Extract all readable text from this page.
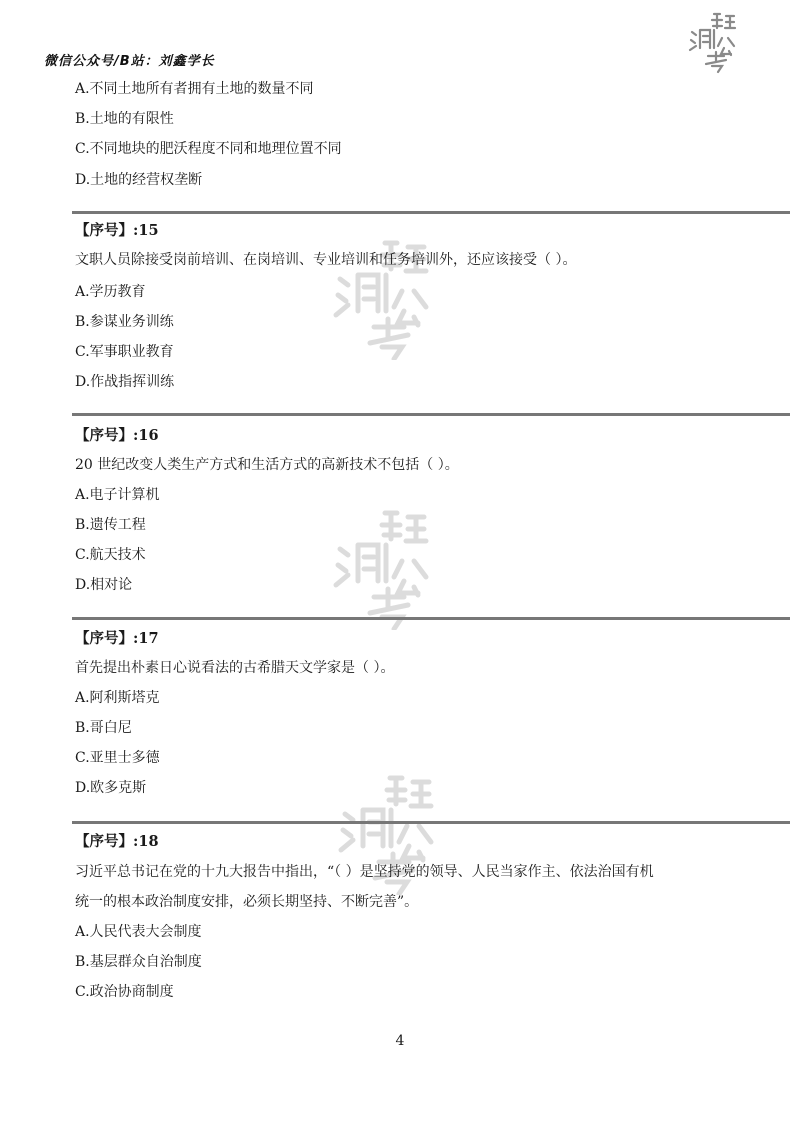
微信公众号/B站：刘鑫学长
A.不同土地所有者拥有土地的数量不同
B.土地的有限性
C.不同地块的肥沃程度不同和地理位置不同
D.土地的经营权垄断
【序号】:15
文职人员除接受岗前培训、在岗培训、专业培训和任务培训外，还应该接受（ ）。
A.学历教育
B.参谋业务训练
C.军事职业教育
D.作战指挥训练
【序号】:16
20 世纪改变人类生产方式和生活方式的高新技术不包括（ ）。
A.电子计算机
B.遗传工程
C.航天技术
D.相对论
【序号】:17
首先提出朴素日心说看法的古希腊天文学家是（ ）。
A.阿利斯塔克
B.哥白尼
C.亚里士多德
D.欧多克斯
【序号】:18
习近平总书记在党的十九大报告中指出，“（ ）是坚持党的领导、人民当家作主、依法治国有机
统一的根本政治制度安排，必须长期坚持、不断完善”。
A.人民代表大会制度
B.基层群众自治制度
C.政治协商制度
4
